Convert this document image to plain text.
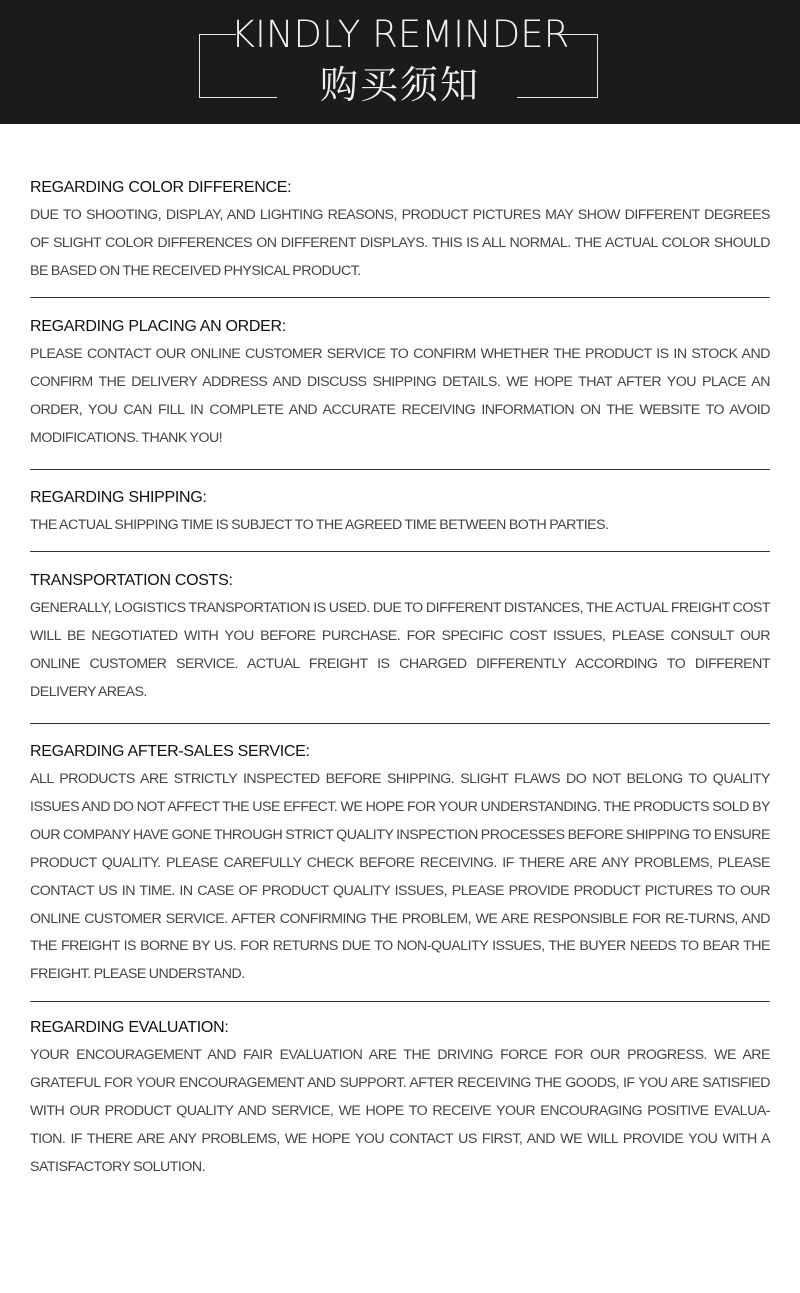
KINDLY REMINDER
购买须知
REGARDING COLOR DIFFERENCE:
DUE TO SHOOTING, DISPLAY, AND LIGHTING REASONS, PRODUCT PICTURES MAY SHOW DIFFERENT DEGREES OF SLIGHT COLOR DIFFERENCES ON DIFFERENT DISPLAYS. THIS IS ALL NORMAL. THE ACTUAL COLOR SHOULD BE BASED ON THE RECEIVED PHYSICAL PRODUCT.
REGARDING PLACING AN ORDER:
PLEASE CONTACT OUR ONLINE CUSTOMER SERVICE TO CONFIRM WHETHER THE PRODUCT IS IN STOCK AND CONFIRM THE DELIVERY ADDRESS AND DISCUSS SHIPPING DETAILS. WE HOPE THAT AFTER YOU PLACE AN ORDER, YOU CAN FILL IN COMPLETE AND ACCURATE RECEIVING INFORMATION ON THE WEBSITE TO AVOID MODIFICATIONS. THANK YOU!
REGARDING SHIPPING:
THE ACTUAL SHIPPING TIME IS SUBJECT TO THE AGREED TIME BETWEEN BOTH PARTIES.
TRANSPORTATION COSTS:
GENERALLY, LOGISTICS TRANSPORTATION IS USED. DUE TO DIFFERENT DISTANCES, THE ACTUAL FREIGHT COST WILL BE NEGOTIATED WITH YOU BEFORE PURCHASE. FOR SPECIFIC COST ISSUES, PLEASE CONSULT OUR ONLINE CUSTOMER SERVICE. ACTUAL FREIGHT IS CHARGED DIFFERENTLY ACCORDING TO DIFFERENT DELIVERY AREAS.
REGARDING AFTER-SALES SERVICE:
ALL PRODUCTS ARE STRICTLY INSPECTED BEFORE SHIPPING. SLIGHT FLAWS DO NOT BELONG TO QUALITY ISSUES AND DO NOT AFFECT THE USE EFFECT. WE HOPE FOR YOUR UNDERSTANDING. THE PRODUCTS SOLD BY OUR COMPANY HAVE GONE THROUGH STRICT QUALITY INSPECTION PROCESSES BEFORE SHIPPING TO ENSURE PRODUCT QUALITY. PLEASE CAREFULLY CHECK BEFORE RECEIVING. IF THERE ARE ANY PROBLEMS, PLEASE CONTACT US IN TIME. IN CASE OF PRODUCT QUALITY ISSUES, PLEASE PROVIDE PRODUCT PICTURES TO OUR ONLINE CUSTOMER SERVICE. AFTER CONFIRMING THE PROBLEM, WE ARE RESPONSIBLE FOR RE-TURNS, AND THE FREIGHT IS BORNE BY US. FOR RETURNS DUE TO NON-QUALITY ISSUES, THE BUYER NEEDS TO BEAR THE FREIGHT. PLEASE UNDERSTAND.
REGARDING EVALUATION:
YOUR ENCOURAGEMENT AND FAIR EVALUATION ARE THE DRIVING FORCE FOR OUR PROGRESS. WE ARE GRATEFUL FOR YOUR ENCOURAGEMENT AND SUPPORT. AFTER RECEIVING THE GOODS, IF YOU ARE SATISFIED WITH OUR PRODUCT QUALITY AND SERVICE, WE HOPE TO RECEIVE YOUR ENCOURAGING POSITIVE EVALUA-TION. IF THERE ARE ANY PROBLEMS, WE HOPE YOU CONTACT US FIRST, AND WE WILL PROVIDE YOU WITH A SATISFACTORY SOLUTION.
